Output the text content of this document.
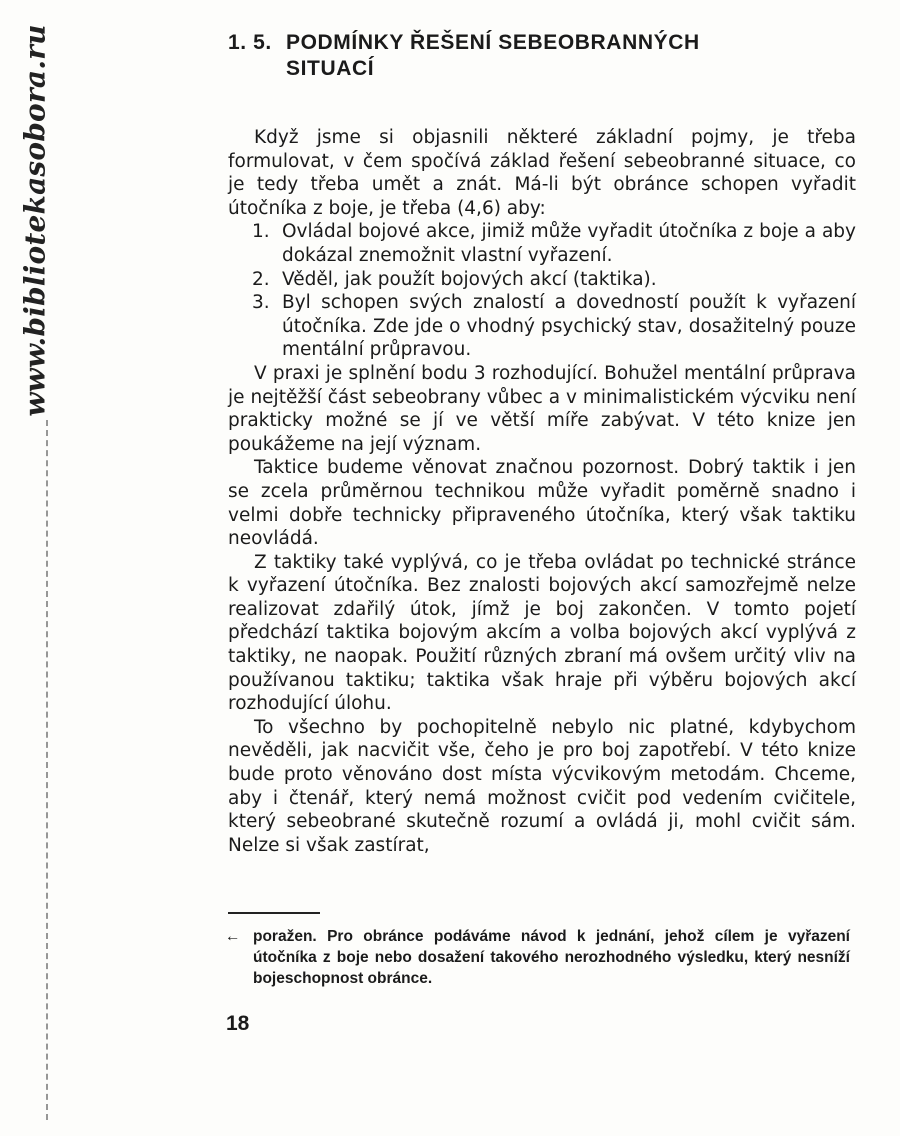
www.bibliotekasobora.ru	1. 5. PODMÍNKY ŘEŠENÍ SEBEOBRANNÝCH
SITUACÍ

Když jsme si objasnili některé základní pojmy, je třeba formulovat, v čem spočívá základ řešení sebeobranné situace, co je tedy třeba umět a znát. Má-li být obránce schopen vyřadit útočníka z boje, je třeba (4,6) aby:

1. Ovládal bojové akce, jimiž může vyřadit útočníka z boje a aby dokázal znemožnit vlastní vyřazení.
2. Věděl, jak použít bojových akcí (taktika).
3. Byl schopen svých znalostí a dovedností použít k vyřazení útočníka. Zde jde o vhodný psychický stav, dosažitelný pouze mentální průpravou.

V praxi je splnění bodu 3 rozhodující. Bohužel mentální průprava je nejtěžší část sebeobrany vůbec a v minimalistickém výcviku není prakticky možné se jí ve větší míře zabývat. V této knize jen poukážeme na její význam.

Taktice budeme věnovat značnou pozornost. Dobrý taktik i jen se zcela průměrnou technikou může vyřadit poměrně snadno i velmi dobře technicky připraveného útočníka, který však taktiku neovládá.

Z taktiky také vyplývá, co je třeba ovládat po technické stránce k vyřazení útočníka. Bez znalosti bojových akcí samozřejmě nelze realizovat zdařilý útok, jímž je boj zakončen. V tomto pojetí předchází taktika bojovým akcím a volba bojových akcí vyplývá z taktiky, ne naopak. Použití různých zbraní má ovšem určitý vliv na používanou taktiku; taktika však hraje při výběru bojových akcí rozhodující úlohu.

To všechno by pochopitelně nebylo nic platné, kdybychom nevěděli, jak nacvičit vše, čeho je pro boj zapotřebí. V této knize bude proto věnováno dost místa výcvikovým metodám. Chceme, aby i čtenář, který nemá možnost cvičit pod vedením cvičitele, který sebeobrané skutečně rozumí a ovládá ji, mohl cvičit sám. Nelze si však zastírat,

← poražen. Pro obránce podáváme návod k jednání, jehož cílem je vyřazení útočníka z boje nebo dosažení takového nerozhodného výsledku, který nesníží bojeschopnost obránce.
18
